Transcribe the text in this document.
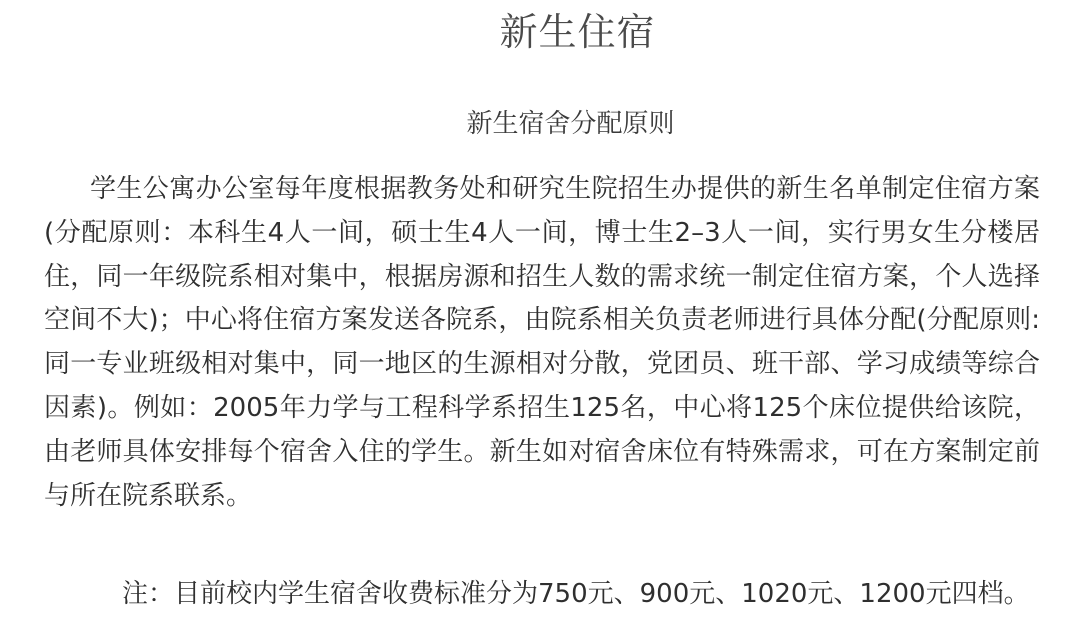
新生住宿
新生宿舍分配原则
学生公寓办公室每年度根据教务处和研究生院招生办提供的新生名单制定住宿方案(分配原则：本科生4人一间，硕士生4人一间，博士生2–3人一间，实行男女生分楼居住，同一年级院系相对集中，根据房源和招生人数的需求统一制定住宿方案，个人选择空间不大)；中心将住宿方案发送各院系，由院系相关负责老师进行具体分配(分配原则:同一专业班级相对集中，同一地区的生源相对分散，党团员、班干部、学习成绩等综合因素)。例如：2005年力学与工程科学系招生125名，中心将125个床位提供给该院，由老师具体安排每个宿舍入住的学生。新生如对宿舍床位有特殊需求，可在方案制定前与所在院系联系。
注：目前校内学生宿舍收费标准分为750元、900元、1020元、1200元四档。
